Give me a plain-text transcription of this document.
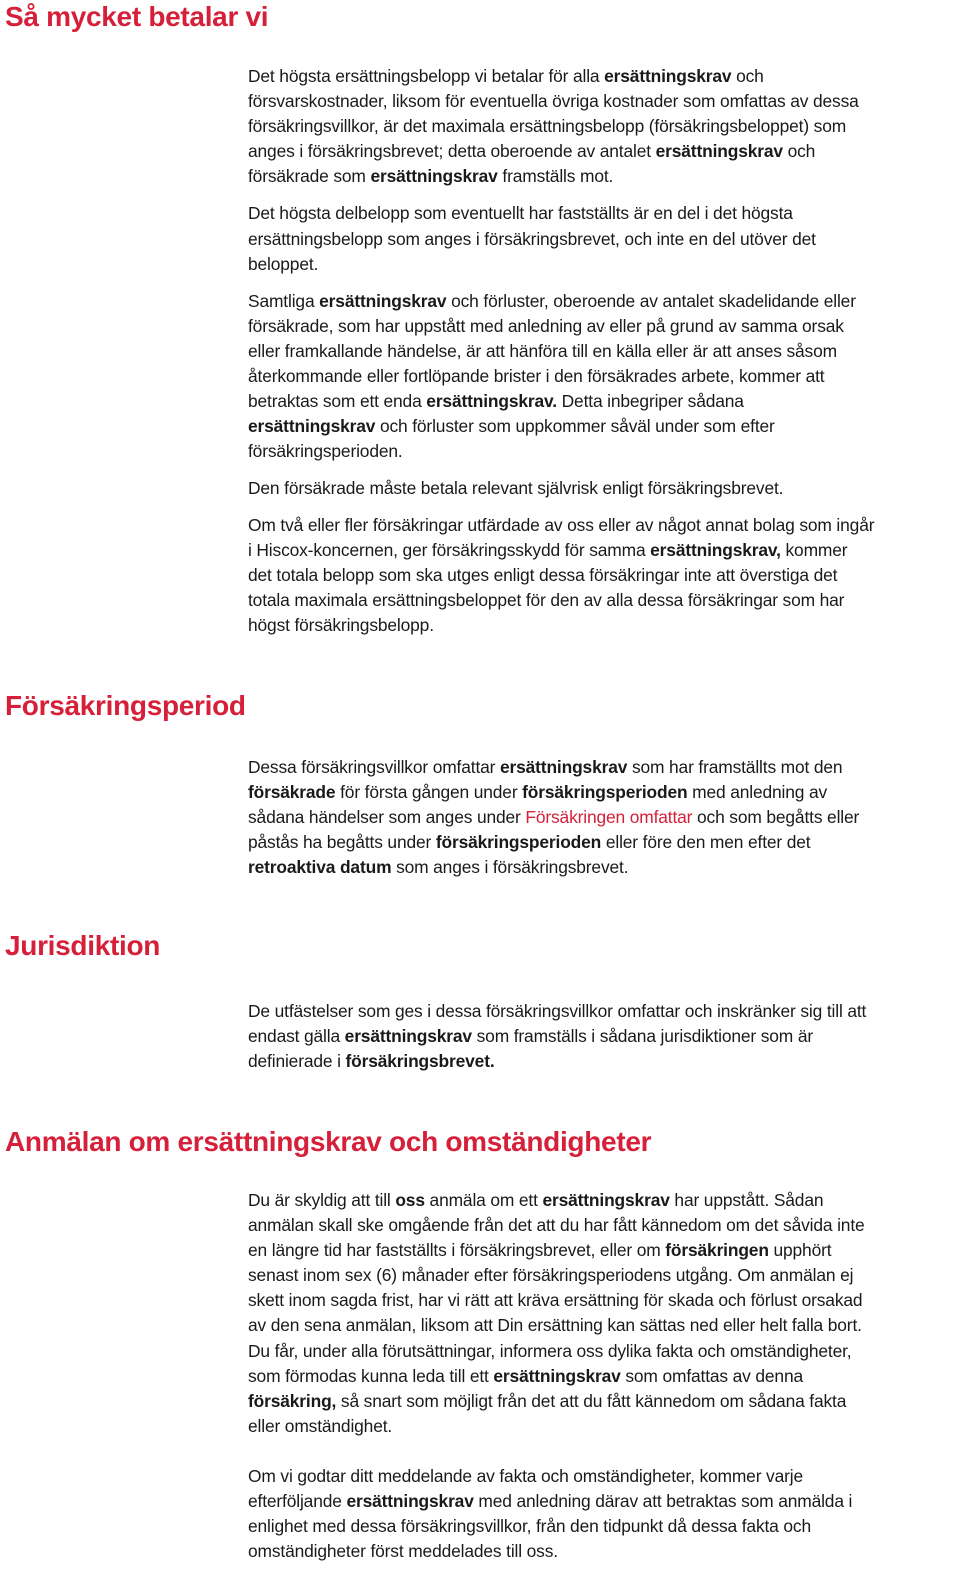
Så mycket betalar vi

Det högsta ersättningsbelopp vi betalar för alla ersättningskrav och
försvarskostnader, liksom för eventuella övriga kostnader som omfattas av dessa
försäkringsvillkor, är det maximala ersättningsbelopp (försäkringsbeloppet) som
anges i försäkringsbrevet; detta oberoende av antalet ersättningskrav och
försäkrade som ersättningskrav framställs mot.

Det högsta delbelopp som eventuellt har fastställts är en del i det högsta
ersättningsbelopp som anges i försäkringsbrevet, och inte en del utöver det
beloppet.

Samtliga ersättningskrav och förluster, oberoende av antalet skadelidande eller
försäkrade, som har uppstått med anledning av eller på grund av samma orsak
eller framkallande händelse, är att hänföra till en källa eller är att anses såsom
återkommande eller fortlöpande brister i den försäkrades arbete, kommer att
betraktas som ett enda ersättningskrav. Detta inbegriper sådana
ersättningskrav och förluster som uppkommer såväl under som efter
försäkringsperioden.

Den försäkrade måste betala relevant självrisk enligt försäkringsbrevet.

Om två eller fler försäkringar utfärdade av oss eller av något annat bolag som ingår
i Hiscox-koncernen, ger försäkringsskydd för samma ersättningskrav, kommer
det totala belopp som ska utges enligt dessa försäkringar inte att överstiga det
totala maximala ersättningsbeloppet för den av alla dessa försäkringar som har
högst försäkringsbelopp.

Försäkringsperiod

Dessa försäkringsvillkor omfattar ersättningskrav som har framställts mot den
försäkrade för första gången under försäkringsperioden med anledning av
sådana händelser som anges under Försäkringen omfattar och som begåtts eller
påstås ha begåtts under försäkringsperioden eller före den men efter det
retroaktiva datum som anges i försäkringsbrevet.

Jurisdiktion

De utfästelser som ges i dessa försäkringsvillkor omfattar och inskränker sig till att
endast gälla ersättningskrav som framställs i sådana jurisdiktioner som är
definierade i försäkringsbrevet.

Anmälan om ersättningskrav och omständigheter

Du är skyldig att till oss anmäla om ett ersättningskrav har uppstått. Sådan
anmälan skall ske omgående från det att du har fått kännedom om det såvida inte
en längre tid har fastställts i försäkringsbrevet, eller om försäkringen upphört
senast inom sex (6) månader efter försäkringsperiodens utgång. Om anmälan ej
skett inom sagda frist, har vi rätt att kräva ersättning för skada och förlust orsakad
av den sena anmälan, liksom att Din ersättning kan sättas ned eller helt falla bort.
Du får, under alla förutsättningar, informera oss dylika fakta och omständigheter,
som förmodas kunna leda till ett ersättningskrav som omfattas av denna
försäkring, så snart som möjligt från det att du fått kännedom om sådana fakta
eller omständighet.

Om vi godtar ditt meddelande av fakta och omständigheter, kommer varje
efterföljande ersättningskrav med anledning därav att betraktas som anmälda i
enlighet med dessa försäkringsvillkor, från den tidpunkt då dessa fakta och
omständigheter först meddelades till oss.
